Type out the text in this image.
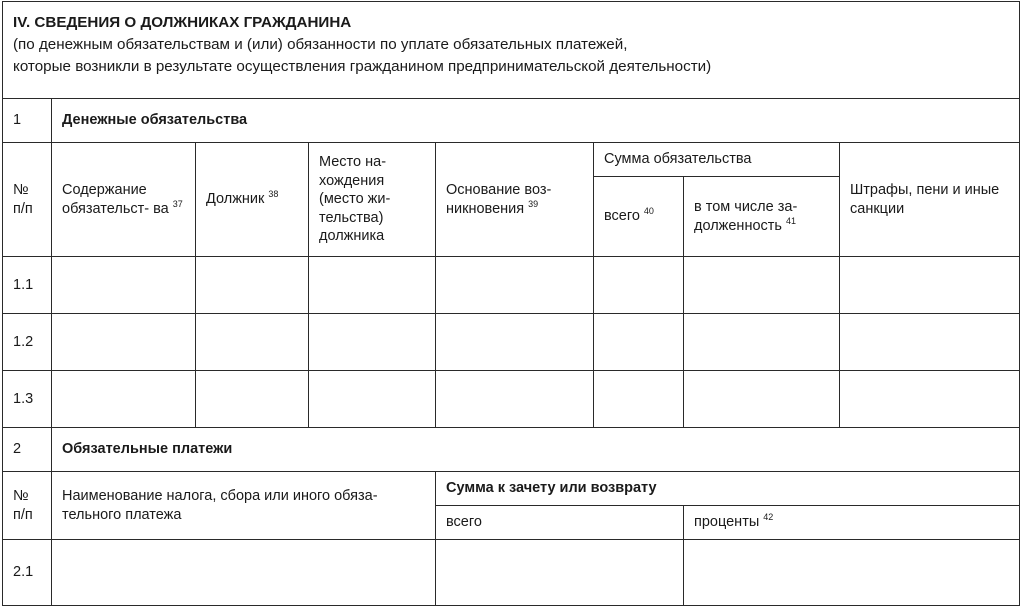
IV. СВЕДЕНИЯ О ДОЛЖНИКАХ ГРАЖДАНИНА
(по денежным обязательствам и (или) обязанности по уплате обязательных платежей,
которые возникли в результате осуществления гражданином предпринимательской деятельности)							

1	Денежные обязательства						
№ п/п	Содержание обязательст- ва $^{37}$	Должник $^{38}$	Место на- хождения (место жи- тельства) должника	Основание воз- никновения $^{39}$	Сумма обязательства		Штрафы, пени и иные санкции
					всего $^{40}$	в том числе за- долженность $^{41}$
1.1							
1.2							
1.3							
2	Обязательные платежи						
№ п/п	Наименование налога, сбора или иного обяза- тельного платежа			Сумма к зачету или возврату			
				всего		проценты $^{42}$
2.1							
